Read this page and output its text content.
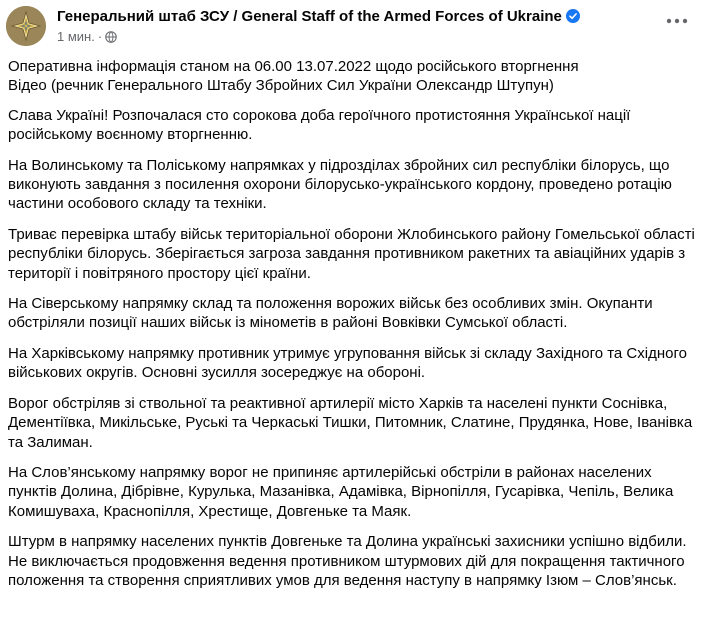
Генеральний штаб ЗСУ / General Staff of the Armed Forces of Ukraine
1 мин. ·

Оперативна інформація станом на 06.00 13.07.2022 щодо російського вторгнення
Відео (речник Генерального Штабу Збройних Сил України Олександр Штупун)

Слава Україні! Розпочалася сто сорокова доба героїчного протистояння Української нації російському воєнному вторгненню.

На Волинському та Поліському напрямках у підрозділах збройних сил республіки білорусь, що виконують завдання з посилення охорони білорусько-українського кордону, проведено ротацію частини особового складу та техніки.

Триває перевірка штабу військ територіальної оборони Жлобинського району Гомельської області республіки білорусь. Зберігається загроза завдання противником ракетних та авіаційних ударів з території і повітряного простору цієї країни.

На Сіверському напрямку склад та положення ворожих військ без особливих змін. Окупанти обстріляли позиції наших військ із мінометів в районі Вовківки Сумської області.

На Харківському напрямку противник утримує угруповання військ зі складу Західного та Східного військових округів. Основні зусилля зосереджує на обороні.

Ворог обстріляв зі ствольної та реактивної артилерії місто Харків та населені пункти Соснівка, Дементіївка, Микільське, Руські та Черкаські Тишки, Питомник, Слатине, Прудянка, Нове, Іванівка та Залиман.

На Слов’янському напрямку ворог не припиняє артилерійські обстріли в районах населених пунктів Долина, Дібрівне, Курулька, Мазанівка, Адамівка, Вірнопілля, Гусарівка, Чепіль, Велика Комишуваха, Краснопілля, Хрестище, Довгеньке та Маяк.

Штурм в напрямку населених пунктів Довгеньке та Долина українські захисники успішно відбили. Не виключається продовження ведення противником штурмових дій для покращення тактичного положення та створення сприятливих умов для ведення наступу в напрямку Ізюм – Слов’янськ.
